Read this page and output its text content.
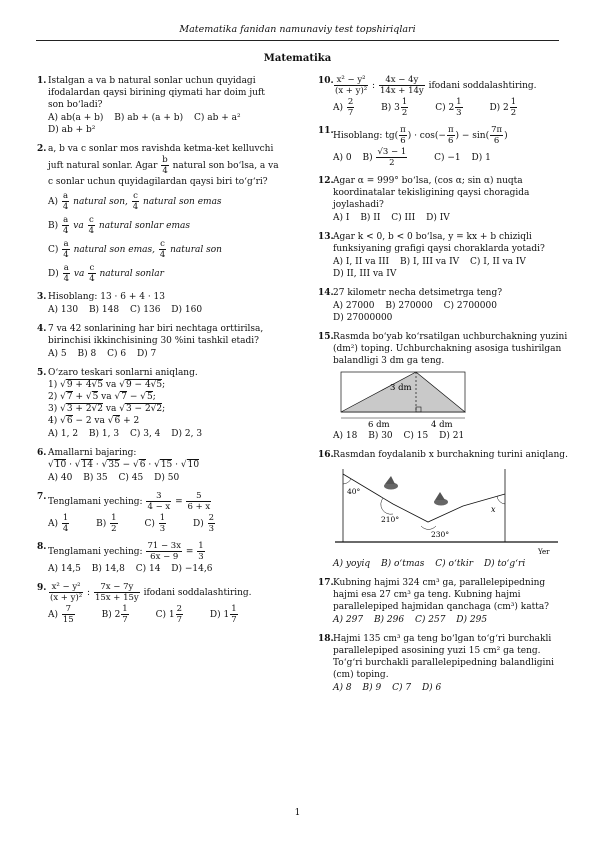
Matematika fanidan namunaviy test topshiriqlari
Matematika
1. Istalgan a va b natural sonlar uchun quyidagi ifodalardan qaysi birining qiymati har doim juft son bo‘ladi?
A) ab(a + b) B) ab + (a + b) C) ab + a²
D) ab + b²
2. a, b va c sonlar mos ravishda ketma-ket kelluvchi juft natural sonlar. Agar $\frac{b}{4}$ natural son bo‘lsa, a va c sonlar uchun quyidagilardan qaysi biri to‘g‘ri?
$A) \frac{a}{4}$ natural son, $\frac{c}{4}$ natural son emas
$B) \frac{a}{4}$ va $\frac{c}{4}$ natural sonlar emas
$C) \frac{a}{4}$ natural son emas, $\frac{c}{4}$ natural son
$D) \frac{a}{4}$ va $\frac{c}{4}$ natural sonlar
3. Hisoblang: 13 · 6 + 4 · 13
A) 130 B) 148 C) 136 D) 160
4. 7 va 42 sonlarining har biri nechtaga orttirilsa, birinchisi ikkinchisining 30 %ini tashkil etadi?
A) 5 B) 8 C) 6 D) 7
5. O‘zaro teskari sonlarni aniqlang.
1) √9 + 4√5 va √9 − 4√5;
2) √7 + √5 va √7 − √5;
3) √3 + 2√2 va √3 − 2√2;
4) √6 − 2 va √6 + 2
A) 1, 2 B) 1, 3 C) 3, 4 D) 2, 3
6. Amallarni bajaring:
√10 · √14 · √35 − √6 · √15 · √10
A) 40 B) 35 C) 45 D) 50
7. Tenglamani yeching: $\frac{3}{4 - x} = \frac{5}{6 + x}$
$A) \frac{1}{4} B) \frac{1}{2} C) \frac{1}{3} D) \frac{2}{3}$
8. Tenglamani yeching: $\frac{71 - 3x}{6x - 9} = \frac{1}{3}$
A) 14,5 B) 14,8 C) 14 D) −14,6
9. $\frac{\text{x² − y²}}{\text{(x + y)²}}$ : $\frac{7x - 7y}{15x + 15y}$ ifodani soddalashtiring.
$A) \frac{7}{15} B$) $2 \frac{1}{7} C$) $1 \frac{2}{7} D$) $1 \frac{1}{7}$
10. $\frac{\text{x² − y²}}{\text{(x + y)²}}$ : $\frac{4x - 4y}{14x + 14y}$ ifodani soddalashtiring.
$A) \frac{2}{7} B$) $3 \frac{1}{2} C$) $2 \frac{1}{3} D$) $2 \frac{1}{2}$
11. Hisoblang: $tg( \frac{\pi}{6}$ ) · $\cos(- \frac{\pi}{6}$ ) − $\sin( \frac{7\pi}{6}$ )
A) 0 $B) \frac{√3 - 1}{2} C) -1$ D) 1
12. Agar α = 999° bo‘lsa, (cos α; sin α) nuqta koordinatalar tekisligining qaysi choragida joylashadi?
A) I B) II C) III D) IV
13. Agar k < 0, b < 0 bo‘lsa, y = kx + b chiziqli funksiyaning grafigi qaysi choraklarda yotadi?
A) I, II va III B) I, III va IV C) I, II va IV
D) II, III va IV
14. 27 kilometr necha detsimetrga teng?
A) 27000 B) 270000 C) 2700000
D) 27000000
15. Rasmda bo‘yab ko‘rsatilgan uchburchakning yuzini (dm²) toping. Uchburchakning asosiga tushirilgan balandligi 3 dm ga teng.
3 dm
6 dm	4 dm
A) 18 B) 30 C) 15 D) 21
16. Rasmdan foydalanib x burchakning turini aniqlang.
40°
210°
230°
x
Yer
A) yoyiq B) o‘tmas C) o‘tkir D) to‘g‘ri
17. Kubning hajmi 324 cm³ ga, parallelepipedning hajmi esa 27 cm³ ga teng. Kubning hajmi parallelepiped hajmidan qanchaga (cm³) katta?
A) 297 B) 296 C) 257 D) 295
18. Hajmi 135 cm³ ga teng bo‘lgan to‘g‘ri burchakli parallelepiped asosining yuzi 15 cm² ga teng. To‘g‘ri burchakli parallelepipedning balandligini (cm) toping.
A) 8 B) 9 C) 7 D) 6
1
